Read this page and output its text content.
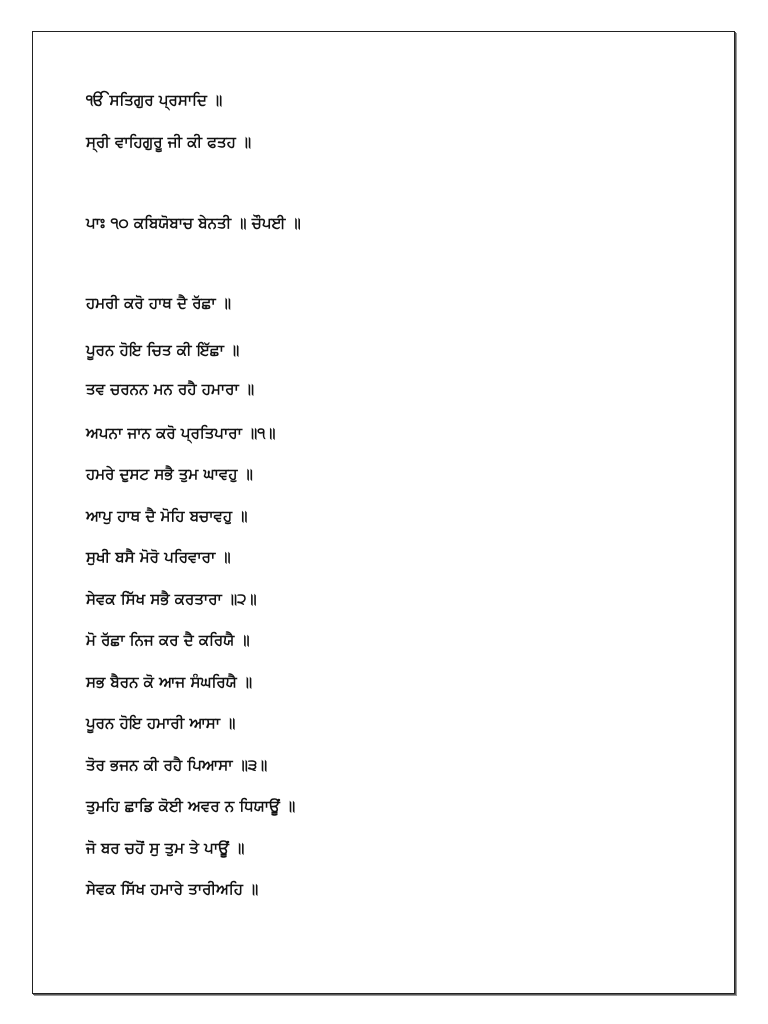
ੴ ਸਤਿਗੁਰ ਪ੍ਰਸਾਦਿ ॥
ਸ੍ਰੀ ਵਾਹਿਗੁਰੂ ਜੀ ਕੀ ਫਤਹ ॥
ਪਾਃ ੧੦ ਕਬਿਯੋਬਾਚ ਬੇਨਤੀ ॥ ਚੌਪਈ ॥
ਹਮਰੀ ਕਰੋ ਹਾਥ ਦੈ ਰੱਛਾ ॥
ਪੂਰਨ ਹੋਇ ਚਿਤ ਕੀ ਇੱਛਾ ॥
ਤਵ ਚਰਨਨ ਮਨ ਰਹੈ ਹਮਾਰਾ ॥
ਅਪਨਾ ਜਾਨ ਕਰੋ ਪ੍ਰਤਿਪਾਰਾ ॥੧॥
ਹਮਰੇ ਦੁਸਟ ਸਭੈ ਤੁਮ ਘਾਵਹੁ ॥
ਆਪੁ ਹਾਥ ਦੈ ਮੋਹਿ ਬਚਾਵਹੁ ॥
ਸੁਖੀ ਬਸੈ ਮੋਰੋ ਪਰਿਵਾਰਾ ॥
ਸੇਵਕ ਸਿੱਖ ਸਭੈ ਕਰਤਾਰਾ ॥੨॥
ਮੋ ਰੱਛਾ ਨਿਜ ਕਰ ਦੈ ਕਰਿਯੈ ॥
ਸਭ ਬੈਰਨ ਕੋ ਆਜ ਸੰਘਰਿਯੈ ॥
ਪੂਰਨ ਹੋਇ ਹਮਾਰੀ ਆਸਾ ॥
ਤੋਰ ਭਜਨ ਕੀ ਰਹੈ ਪਿਆਸਾ ॥੩॥
ਤੁਮਹਿ ਛਾਡਿ ਕੋਈ ਅਵਰ ਨ ਧਿਯਾਊਂ ॥
ਜੋ ਬਰ ਚਹੋਂ ਸੁ ਤੁਮ ਤੇ ਪਾਊਂ ॥
ਸੇਵਕ ਸਿੱਖ ਹਮਾਰੇ ਤਾਰੀਅਹਿ ॥
